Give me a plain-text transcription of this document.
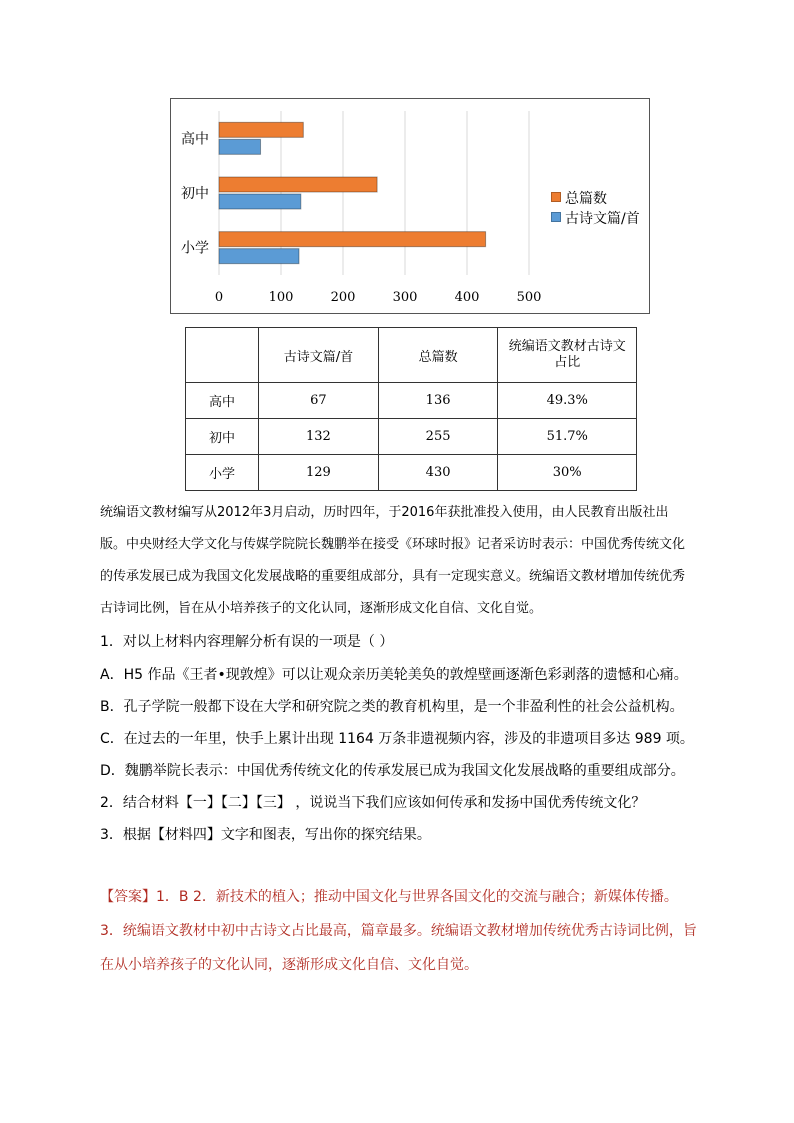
0	100	200	300	400	500
高中
初中
小学
总篇数
古诗文篇/首
	古诗文篇/首	总篇数	统编语文教材古诗文占比
高中	67	136	49.3%
初中	132	255	51.7%
小学	129	430	30%

统编语文教材编写从2012年3月启动，历时四年，于2016年获批准投入使用，由人民教育出版社出版。中央财经大学文化与传媒学院院长魏鹏举在接受《环球时报》记者采访时表示：中国优秀传统文化的传承发展已成为我国文化发展战略的重要组成部分，具有一定现实意义。统编语文教材增加传统优秀古诗词比例，旨在从小培养孩子的文化认同，逐渐形成文化自信、文化自觉。

1．对以上材料内容理解分析有误的一项是（ ）

A．H5 作品《王者•现敦煌》可以让观众亲历美轮美奂的敦煌壁画逐渐色彩剥落的遗憾和心痛。

B．孔子学院一般都下设在大学和研究院之类的教育机构里，是一个非盈利性的社会公益机构。

C．在过去的一年里，快手上累计出现 1164 万条非遗视频内容，涉及的非遗项目多达 989 项。

D．魏鹏举院长表示：中国优秀传统文化的传承发展已成为我国文化发展战略的重要组成部分。

2．结合材料【一】【二】【三】 ，说说当下我们应该如何传承和发扬中国优秀传统文化？

3．根据【材料四】文字和图表，写出你的探究结果。

【答案】1．B 2．新技术的植入；推动中国文化与世界各国文化的交流与融合；新媒体传播。 3．统编语文教材中初中古诗文占比最高，篇章最多。统编语文教材增加传统优秀古诗词比例，旨在从小培养孩子的文化认同，逐渐形成文化自信、文化自觉。
